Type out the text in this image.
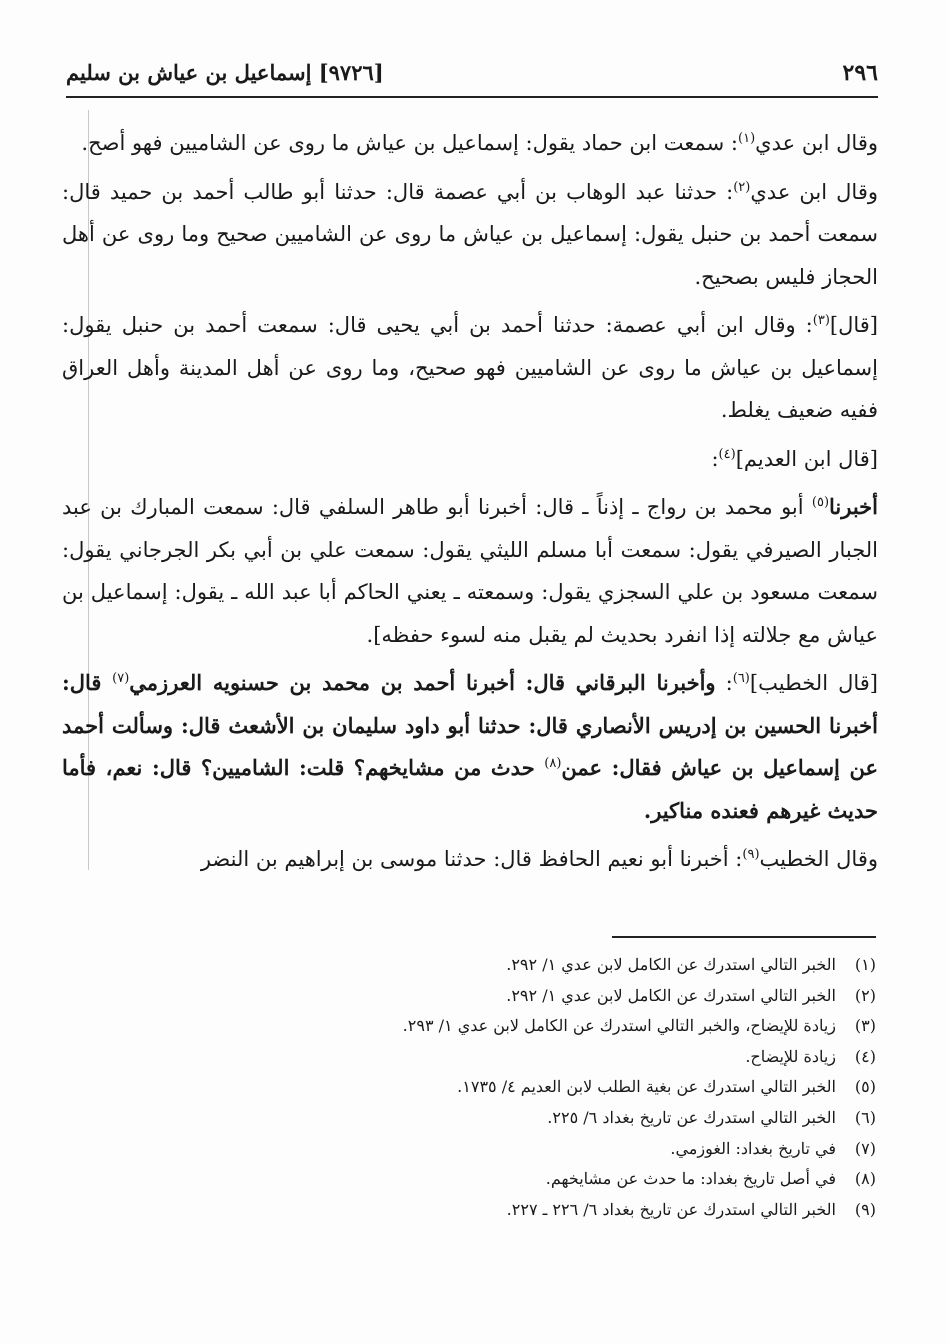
٢٩٦
[٩٧٢٦] إسماعيل بن عياش بن سليم

وقال ابن عدي$^{(١)}$: سمعت ابن حماد يقول: إسماعيل بن عياش ما روى عن الشاميين فهو أصح.

وقال ابن عدي$^{(٢)}$: حدثنا عبد الوهاب بن أبي عصمة قال: حدثنا أبو طالب أحمد بن حميد قال: سمعت أحمد بن حنبل يقول: إسماعيل بن عياش ما روى عن الشاميين صحيح وما روى عن أهل الحجاز فليس بصحيح.

[قال]$^{(٣)}$: وقال ابن أبي عصمة: حدثنا أحمد بن أبي يحيى قال: سمعت أحمد بن حنبل يقول: إسماعيل بن عياش ما روى عن الشاميين فهو صحيح، وما روى عن أهل المدينة وأهل العراق ففيه ضعيف يغلط.

[قال ابن العديم]$^{(٤)}$:

أخبرنا$^{(٥)}$ أبو محمد بن رواج ـ إذناً ـ قال: أخبرنا أبو طاهر السلفي قال: سمعت المبارك بن عبد الجبار الصيرفي يقول: سمعت أبا مسلم الليثي يقول: سمعت علي بن أبي بكر الجرجاني يقول: سمعت مسعود بن علي السجزي يقول: وسمعته ـ يعني الحاكم أبا عبد الله ـ يقول: إسماعيل بن عياش مع جلالته إذا انفرد بحديث لم يقبل منه لسوء حفظه].

[قال الخطيب]$^{(٦)}$: وأخبرنا البرقاني قال: أخبرنا أحمد بن محمد بن حسنويه العرزمي$^{(٧)}$ قال: أخبرنا الحسين بن إدريس الأنصاري قال: حدثنا أبو داود سليمان بن الأشعث قال: وسألت أحمد عن إسماعيل بن عياش فقال: عمن$^{(٨)}$ حدث من مشايخهم؟ قلت: الشاميين؟ قال: نعم، فأما حديث غيرهم فعنده مناكير.

وقال الخطيب$^{(٩)}$: أخبرنا أبو نعيم الحافظ قال: حدثنا موسى بن إبراهيم بن النضر

(١)
الخبر التالي استدرك عن الكامل لابن عدي ١/ ٢٩٢.
(٢)
الخبر التالي استدرك عن الكامل لابن عدي ١/ ٢٩٢.
(٣)
زيادة للإيضاح، والخبر التالي استدرك عن الكامل لابن عدي ١/ ٢٩٣.
(٤)
زيادة للإيضاح.
(٥)
الخبر التالي استدرك عن بغية الطلب لابن العديم ٤/ ١٧٣٥.
(٦)
الخبر التالي استدرك عن تاريخ بغداد ٦/ ٢٢٥.
(٧)
في تاريخ بغداد: الغوزمي.
(٨)
في أصل تاريخ بغداد: ما حدث عن مشايخهم.
(٩)
الخبر التالي استدرك عن تاريخ بغداد ٦/ ٢٢٦ ـ ٢٢٧.
